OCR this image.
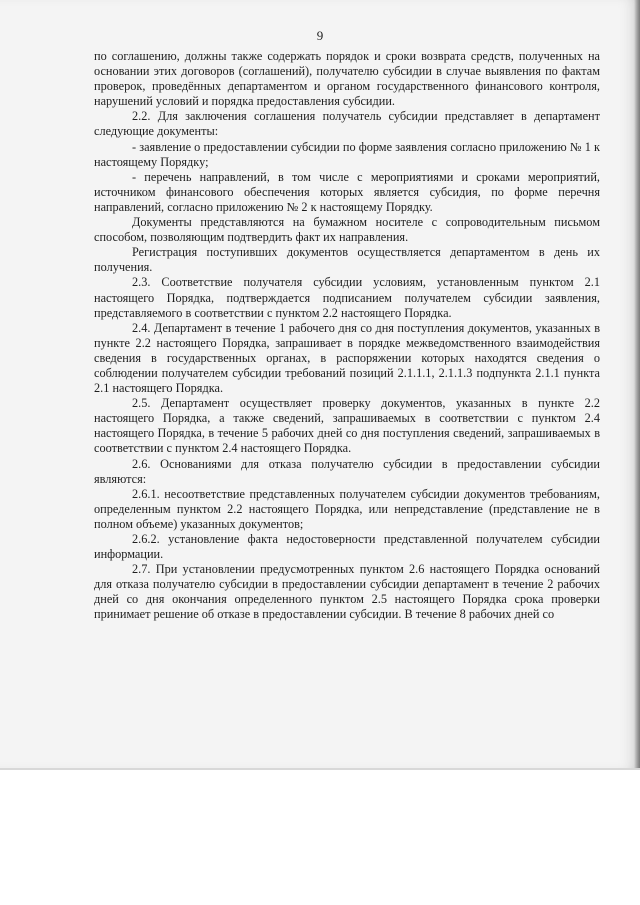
9

по соглашению, должны также содержать порядок и сроки возврата средств, полученных на основании этих договоров (соглашений), получателю субсидии в случае выявления по фактам проверок, проведённых департаментом и органом государственного финансового контроля, нарушений условий и порядка предоставления субсидии.

2.2. Для заключения соглашения получатель субсидии представляет в департамент следующие документы:

- заявление о предоставлении субсидии по форме заявления согласно приложению № 1 к настоящему Порядку;

- перечень направлений, в том числе с мероприятиями и сроками мероприятий, источником финансового обеспечения которых является субсидия, по форме перечня направлений, согласно приложению № 2 к настоящему Порядку.

Документы представляются на бумажном носителе с сопроводительным письмом способом, позволяющим подтвердить факт их направления.

Регистрация поступивших документов осуществляется департаментом в день их получения.

2.3. Соответствие получателя субсидии условиям, установленным пунктом 2.1 настоящего Порядка, подтверждается подписанием получателем субсидии заявления, представляемого в соответствии с пунктом 2.2 настоящего Порядка.

2.4. Департамент в течение 1 рабочего дня со дня поступления документов, указанных в пункте 2.2 настоящего Порядка, запрашивает в порядке межведомственного взаимодействия сведения в государственных органах, в распоряжении которых находятся сведения о соблюдении получателем субсидии требований позиций 2.1.1.1, 2.1.1.3 подпункта 2.1.1 пункта 2.1 настоящего Порядка.

2.5. Департамент осуществляет проверку документов, указанных в пункте 2.2 настоящего Порядка, а также сведений, запрашиваемых в соответствии с пунктом 2.4 настоящего Порядка, в течение 5 рабочих дней со дня поступления сведений, запрашиваемых в соответствии с пунктом 2.4 настоящего Порядка.

2.6. Основаниями для отказа получателю субсидии в предоставлении субсидии являются:

2.6.1. несоответствие представленных получателем субсидии документов требованиям, определенным пунктом 2.2 настоящего Порядка, или непредставление (представление не в полном объеме) указанных документов;

2.6.2. установление факта недостоверности представленной получателем субсидии информации.

2.7. При установлении предусмотренных пунктом 2.6 настоящего Порядка оснований для отказа получателю субсидии в предоставлении субсидии департамент в течение 2 рабочих дней со дня окончания определенного пунктом 2.5 настоящего Порядка срока проверки принимает решение об отказе в предоставлении субсидии. В течение 8 рабочих дней со
